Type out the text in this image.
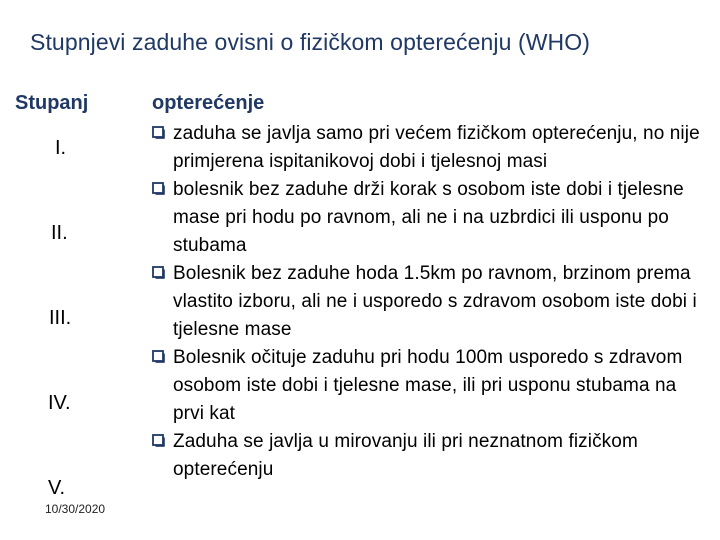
Stupnjevi zaduhe ovisni o fizičkom opterećenju (WHO)
Stupanj	opterećenje
I.
II.
III.
IV.
V.
10/30/2020
zaduha se javlja samo pri većem fizičkom opterećenju, no nije primjerena ispitanikovoj dobi i tjelesnoj masi
bolesnik bez zaduhe drži korak s osobom iste dobi i tjelesne mase pri hodu po ravnom, ali ne i na uzbrdici ili usponu po stubama
Bolesnik bez zaduhe hoda 1.5km po ravnom, brzinom prema vlastito izboru, ali ne i usporedo s zdravom osobom iste dobi i tjelesne mase
Bolesnik očituje zaduhu pri hodu 100m usporedo s zdravom osobom iste dobi i tjelesne mase, ili pri usponu stubama na prvi kat
Zaduha se javlja u mirovanju ili pri neznatnom fizičkom opterećenju
